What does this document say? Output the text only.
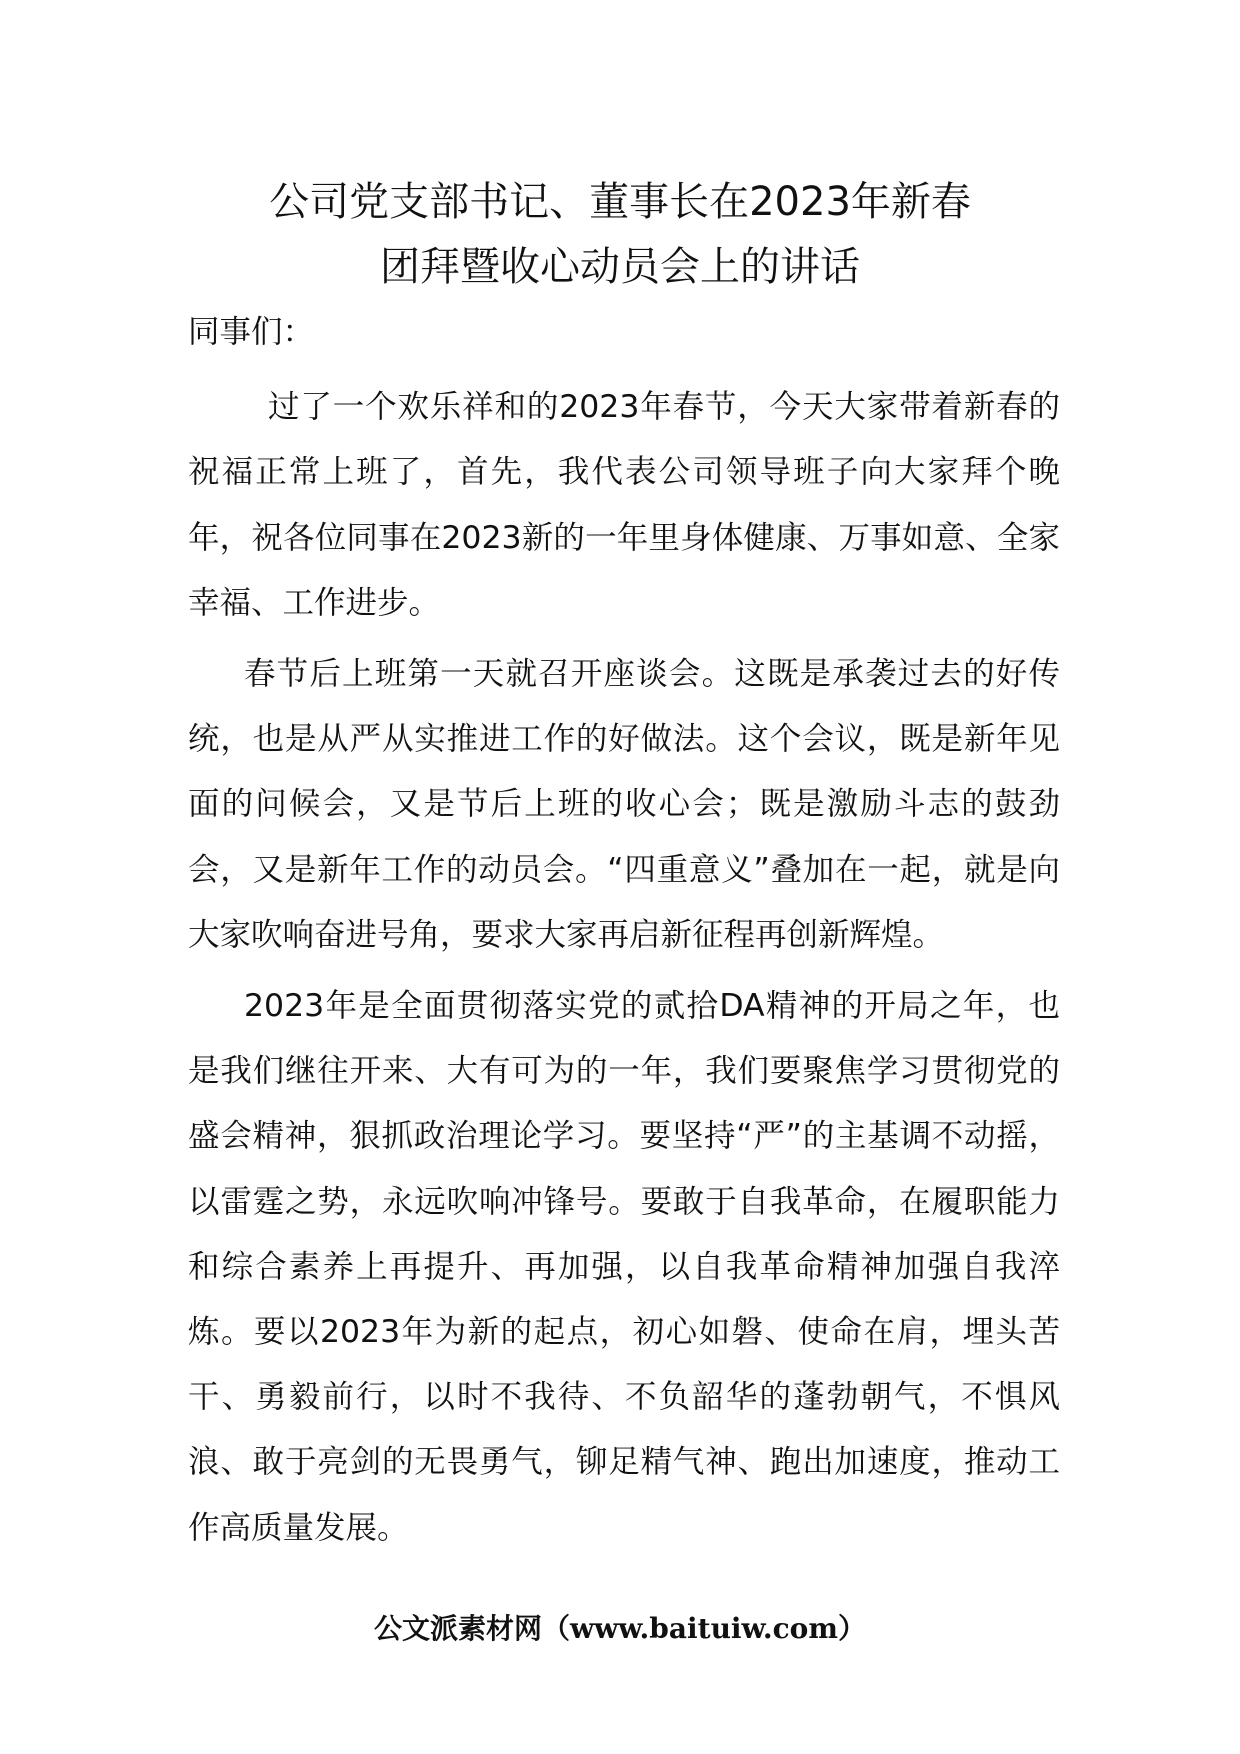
公司党支部书记、董事长在2023年新春
团拜暨收心动员会上的讲话

同事们：

过了一个欢乐祥和的2023年春节，今天大家带着新春的祝福正常上班了，首先，我代表公司领导班子向大家拜个晚年，祝各位同事在2023新的一年里身体健康、万事如意、全家幸福、工作进步。

春节后上班第一天就召开座谈会。这既是承袭过去的好传统，也是从严从实推进工作的好做法。这个会议，既是新年见面的问候会，又是节后上班的收心会；既是激励斗志的鼓劲会，又是新年工作的动员会。“四重意义”叠加在一起，就是向大家吹响奋进号角，要求大家再启新征程再创新辉煌。

2023年是全面贯彻落实党的贰拾DA精神的开局之年，也是我们继往开来、大有可为的一年，我们要聚焦学习贯彻党的盛会精神，狠抓政治理论学习。要坚持“严”的主基调不动摇，以雷霆之势，永远吹响冲锋号。要敢于自我革命，在履职能力和综合素养上再提升、再加强，以自我革命精神加强自我淬炼。要以2023年为新的起点，初心如磐、使命在肩，埋头苦干、勇毅前行，以时不我待、不负韶华的蓬勃朝气，不惧风浪、敢于亮剑的无畏勇气，铆足精气神、跑出加速度，推动工作高质量发展。

公文派素材网（www.baituiw.com）
